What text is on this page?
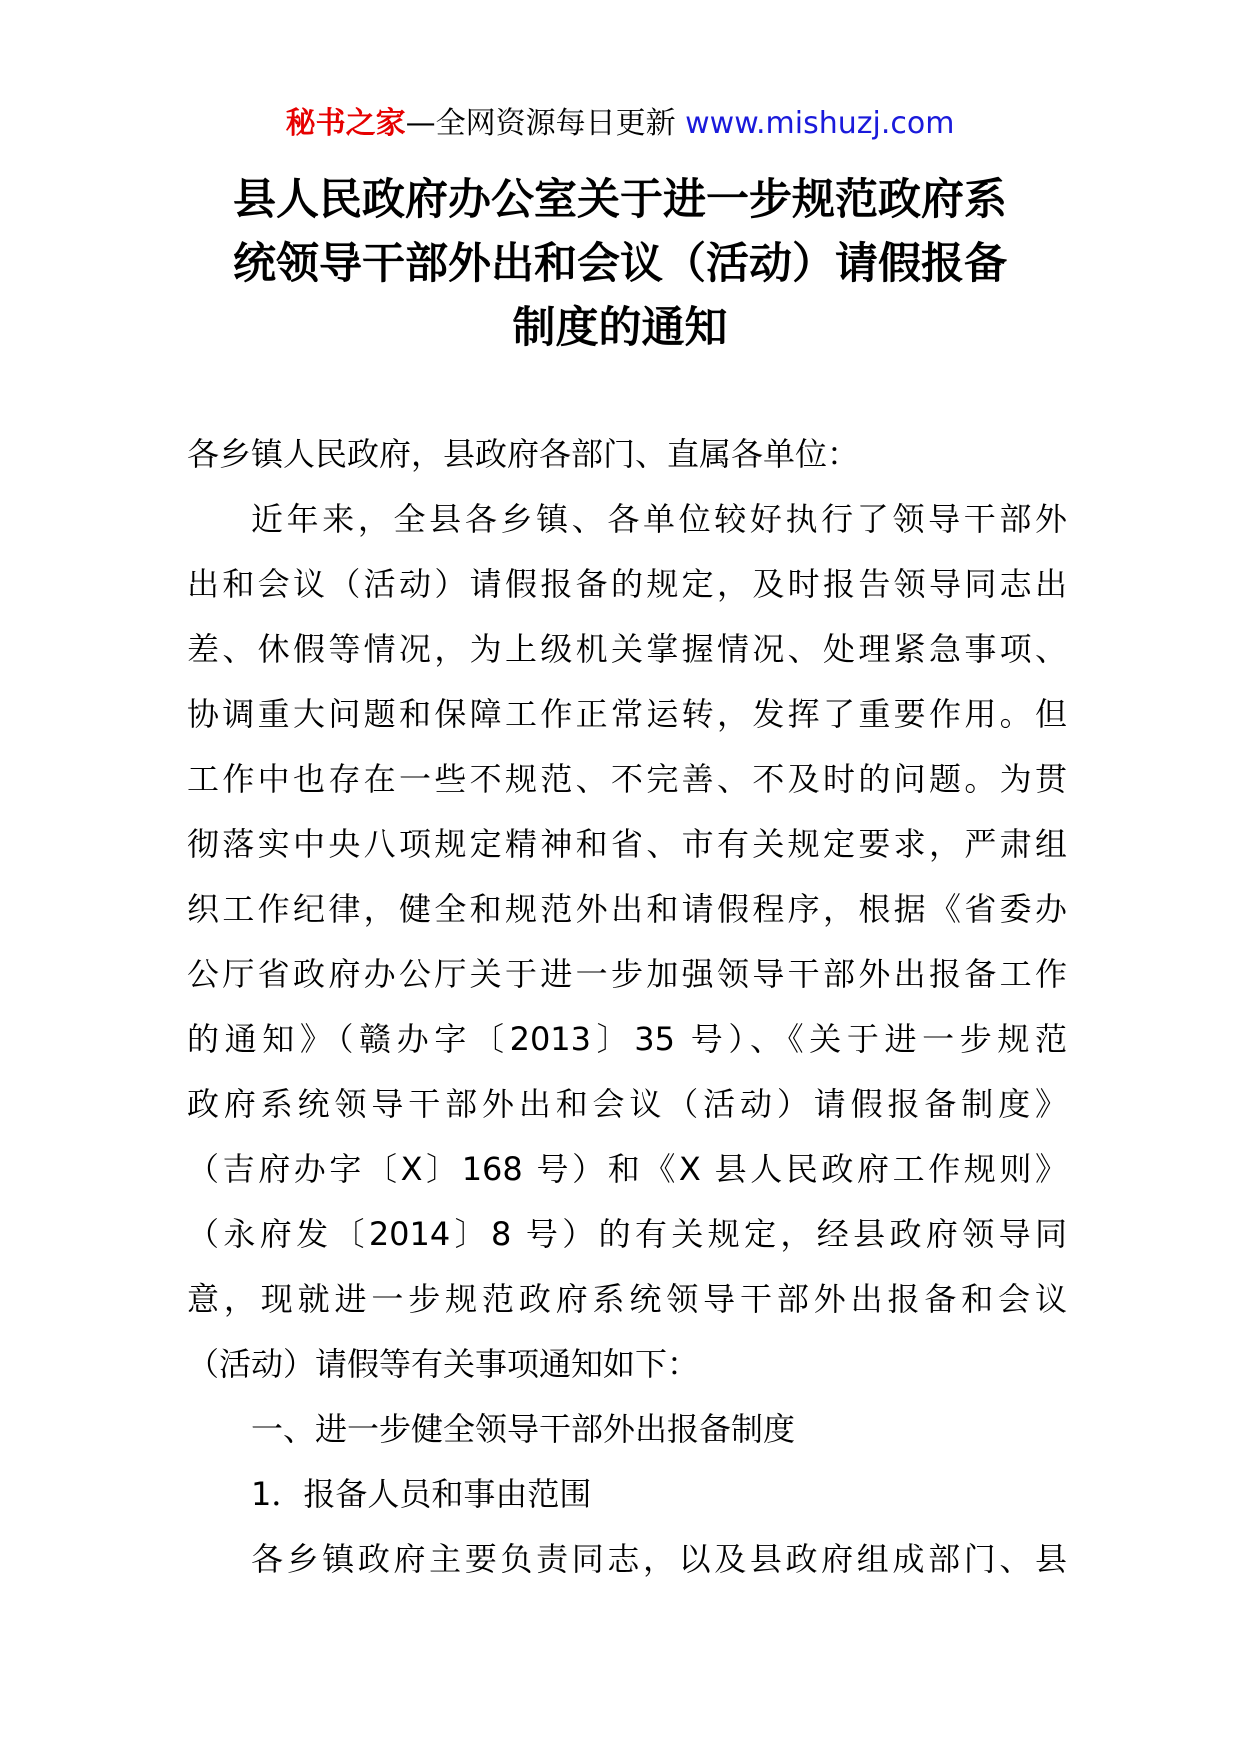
秘书之家—全网资源每日更新 www.mishuzj.com
县人民政府办公室关于进一步规范政府系
统领导干部外出和会议（活动）请假报备
制度的通知
各乡镇人民政府，县政府各部门、直属各单位：
近年来，全县各乡镇、各单位较好执行了领导干部外
出和会议（活动）请假报备的规定，及时报告领导同志出
差、休假等情况，为上级机关掌握情况、处理紧急事项、
协调重大问题和保障工作正常运转，发挥了重要作用。但
工作中也存在一些不规范、不完善、不及时的问题。为贯
彻落实中央八项规定精神和省、市有关规定要求，严肃组
织工作纪律，健全和规范外出和请假程序，根据《省委办
公厅省政府办公厅关于进一步加强领导干部外出报备工作
的通知》（赣办字〔2013〕35 号）、《关于进一步规范
政府系统领导干部外出和会议（活动）请假报备制度》
（吉府办字〔X〕168 号）和《X 县人民政府工作规则》
（永府发〔2014〕8 号）的有关规定，经县政府领导同
意，现就进一步规范政府系统领导干部外出报备和会议
（活动）请假等有关事项通知如下：
一、进一步健全领导干部外出报备制度
1．报备人员和事由范围
各乡镇政府主要负责同志，以及县政府组成部门、县
